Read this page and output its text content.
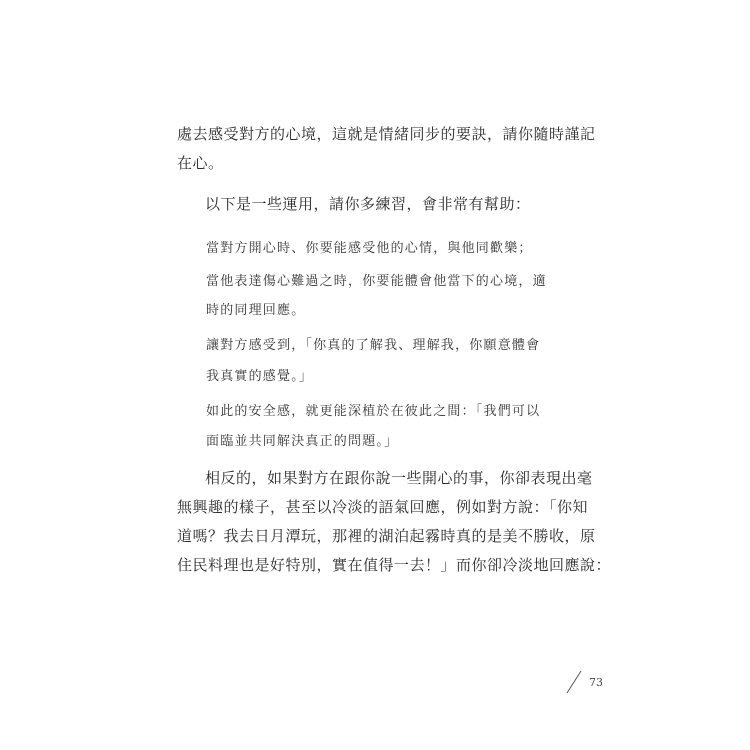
處去感受對方的心境，這就是情緒同步的要訣，請你隨時謹記
在心。
以下是一些運用，請你多練習，會非常有幫助：
當對方開心時、你要能感受他的心情，與他同歡樂；
當他表達傷心難過之時，你要能體會他當下的心境，適
時的同理回應。
讓對方感受到，「你真的了解我、理解我，你願意體會
我真實的感覺。」
如此的安全感，就更能深植於在彼此之間：「我們可以
面臨並共同解決真正的問題。」
相反的，如果對方在跟你說一些開心的事，你卻表現出毫
無興趣的樣子，甚至以冷淡的語氣回應，例如對方說：「你知
道嗎？我去日月潭玩，那裡的湖泊起霧時真的是美不勝收，原
住民料理也是好特別，實在值得一去！」而你卻冷淡地回應說：
73
